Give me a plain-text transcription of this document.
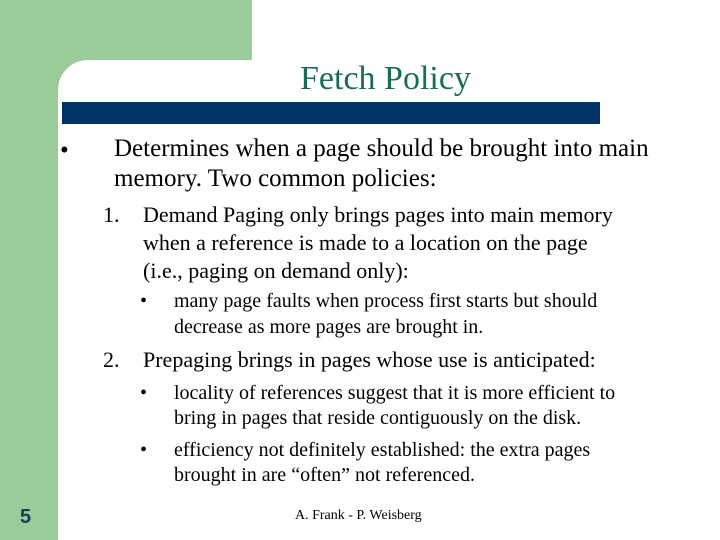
Fetch Policy
• Determines when a page should be brought into main
memory. Two common policies:
1. Demand Paging only brings pages into main memory
when a reference is made to a location on the page
(i.e., paging on demand only):
• many page faults when process first starts but should
decrease as more pages are brought in.
2. Prepaging brings in pages whose use is anticipated:
• locality of references suggest that it is more efficient to
bring in pages that reside contiguously on the disk.
• efficiency not definitely established: the extra pages
brought in are “often” not referenced.
5	A. Frank - P. Weisberg
